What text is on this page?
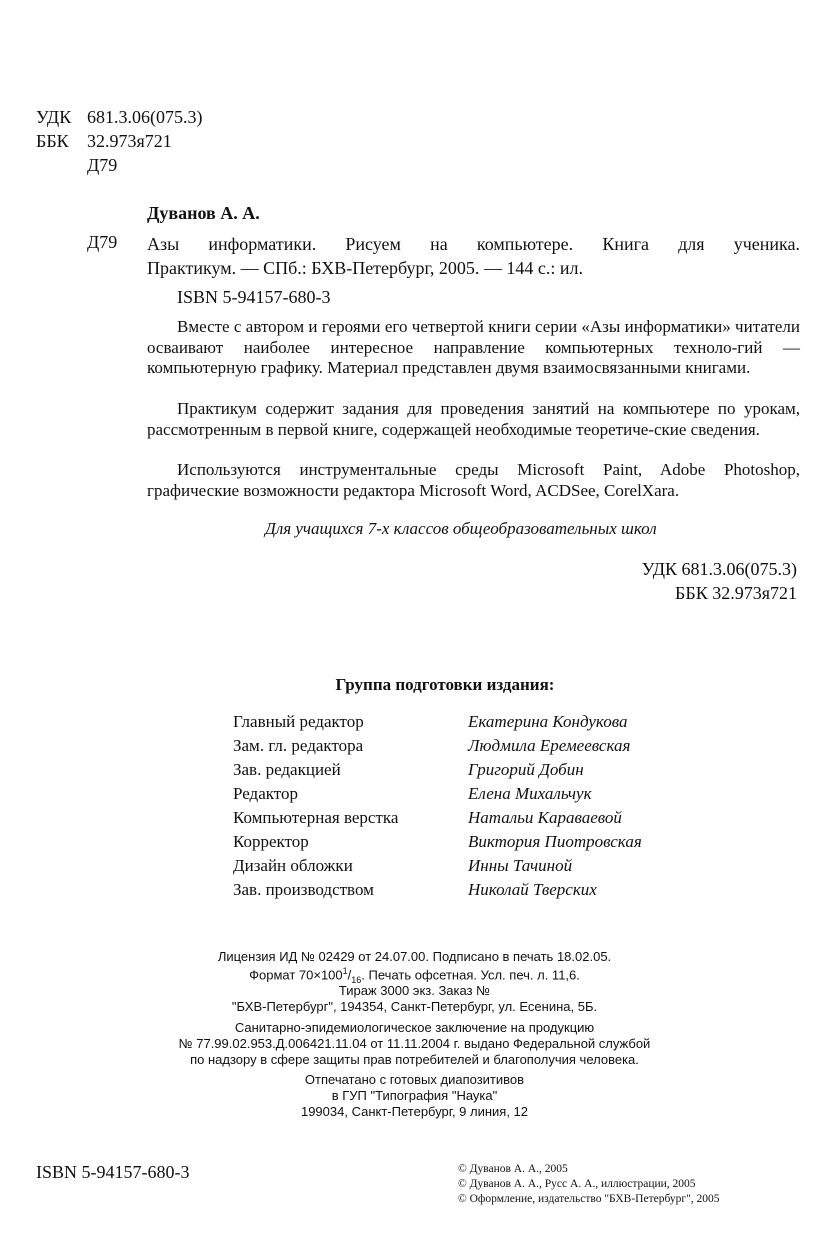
УДК 681.3.06(075.3)
ББК 32.973я721
Д79
Дуванов А. А.
Д79 Азы информатики. Рисуем на компьютере. Книга для ученика.
Практикум. — СПб.: БХВ-Петербург, 2005. — 144 с.: ил.
ISBN 5-94157-680-3
Вместе с автором и героями его четвертой книги серии «Азы информатики» читатели осваивают наиболее интересное направление компьютерных техноло-гий — компьютерную графику. Материал представлен двумя взаимосвязанными книгами.
Практикум содержит задания для проведения занятий на компьютере по урокам, рассмотренным в первой книге, содержащей необходимые теоретиче-ские сведения.
Используются инструментальные среды Microsoft Paint, Adobe Photoshop, графические возможности редактора Microsoft Word, ACDSee, CorelXara.
Для учащихся 7-х классов общеобразовательных школ
УДК 681.3.06(075.3)
ББК 32.973я721
Группа подготовки издания:
Главный редактор	Екатерина Кондукова
Зам. гл. редактора	Людмила Еремеевская
Зав. редакцией	Григорий Добин
Редактор	Елена Михальчук
Компьютерная верстка	Натальи Караваевой
Корректор	Виктория Пиотровская
Дизайн обложки	Инны Тачиной
Зав. производством	Николай Тверских
Лицензия ИД № 02429 от 24.07.00. Подписано в печать 18.02.05.
Формат $70\times 100^1/_{16}$. Печать офсетная. Усл. печ. л. 11,6.
Тираж 3000 экз. Заказ №
"БХВ-Петербург", 194354, Санкт-Петербург, ул. Есенина, 5Б.
Санитарно-эпидемиологическое заключение на продукцию
№ 77.99.02.953.Д.006421.11.04 от 11.11.2004 г. выдано Федеральной службой
по надзору в сфере защиты прав потребителей и благополучия человека.
Отпечатано с готовых диапозитивов
в ГУП "Типография "Наука"
199034, Санкт-Петербург, 9 линия, 12
ISBN 5-94157-680-3	© Дуванов А. А., 2005
© Дуванов А. А., Русс А. А., иллюстрации, 2005
© Оформление, издательство "БХВ-Петербург", 2005
